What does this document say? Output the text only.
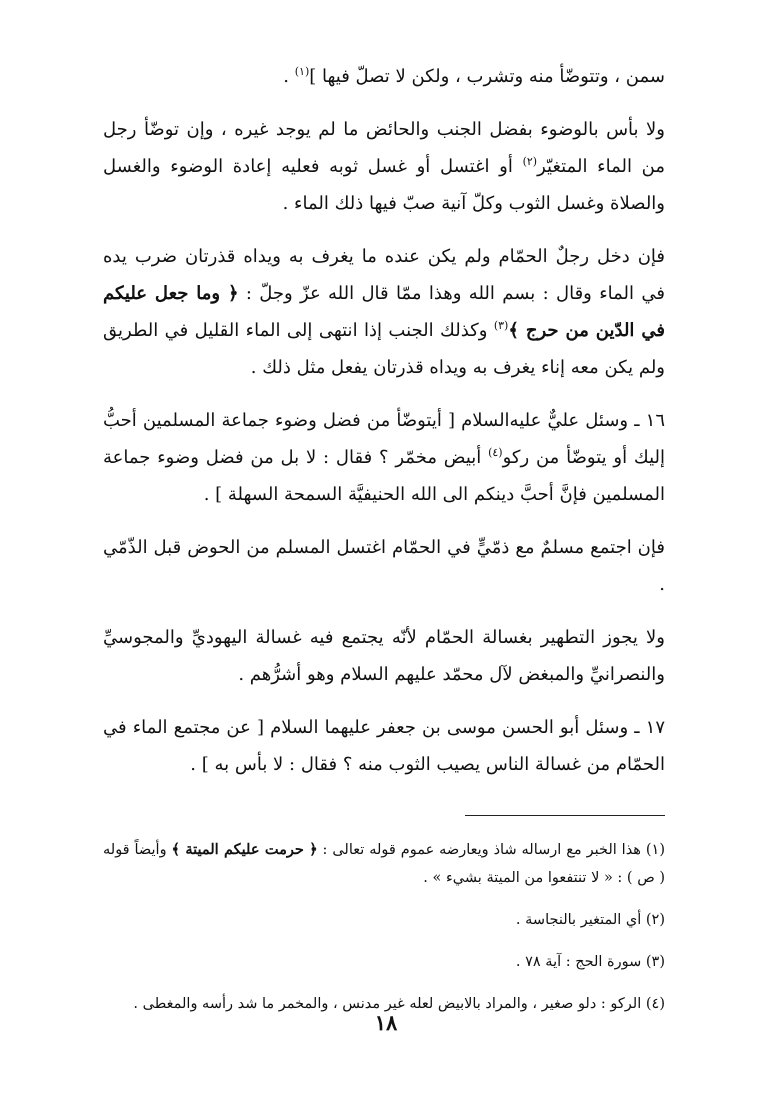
سمن ، وتتوضّأ منه وتشرب ، ولكن لا تصلّ فيها ]$^{(١)}$ .

ولا بأس بالوضوء بفضل الجنب والحائض ما لم يوجد غيره ، وإن توضّأ رجل من الماء المتغيّر$^{(٢)}$ أو اغتسل أو غسل ثوبه فعليه إعادة الوضوء والغسل والصلاة وغسل الثوب وكلّ آنية صبّ فيها ذلك الماء .

فإن دخل رجلٌ الحمّام ولم يكن عنده ما يغرف به ويداه قذرتان ضرب يده في الماء وقال : بسم الله وهذا ممّا قال الله عزّ وجلّ : ﴿ وما جعل عليكم في الدّين من حرج ﴾$^{(٣)}$ وكذلك الجنب إذا انتهى إلى الماء القليل في الطريق ولم يكن معه إناء يغرف به ويداه قذرتان يفعل مثل ذلك .

١٦ ـ وسئل عليٌّ عليه‌السلام [ أيتوضّأ من فضل وضوء جماعة المسلمين أحبُّ إليك أو يتوضّأ من ركو$^{(٤)}$ أبيض مخمّر ؟ فقال : لا بل من فضل وضوء جماعة المسلمين فإنَّ أحبَّ دينكم الى الله الحنيفيَّة السمحة السهلة ] .

فإن اجتمع مسلمٌ مع ذمّيٍّ في الحمّام اغتسل المسلم من الحوض قبل الذّمّي .

ولا يجوز التطهير بغسالة الحمّام لأنّه يجتمع فيه غسالة اليهوديِّ والمجوسيِّ والنصرانيِّ والمبغض لآل محمّد عليهم السلام وهو أشرُّهم .

١٧ ـ وسئل أبو الحسن موسى بن جعفر عليهما السلام [ عن مجتمع الماء في الحمّام من غسالة الناس يصيب الثوب منه ؟ فقال : لا بأس به ] .

(١) هذا الخبر مع ارساله شاذ ويعارضه عموم قوله تعالى : ﴿ حرمت عليكم الميتة ﴾ وأيضاً قوله ( ص ) : « لا تنتفعوا من الميتة بشيء » .

(٢) أي المتغير بالنجاسة .

(٣) سورة الحج : آية ٧٨ .

(٤) الركو : دلو صغير ، والمراد بالابيض لعله غير مدنس ، والمخمر ما شد رأسه والمغطى .

١٨
